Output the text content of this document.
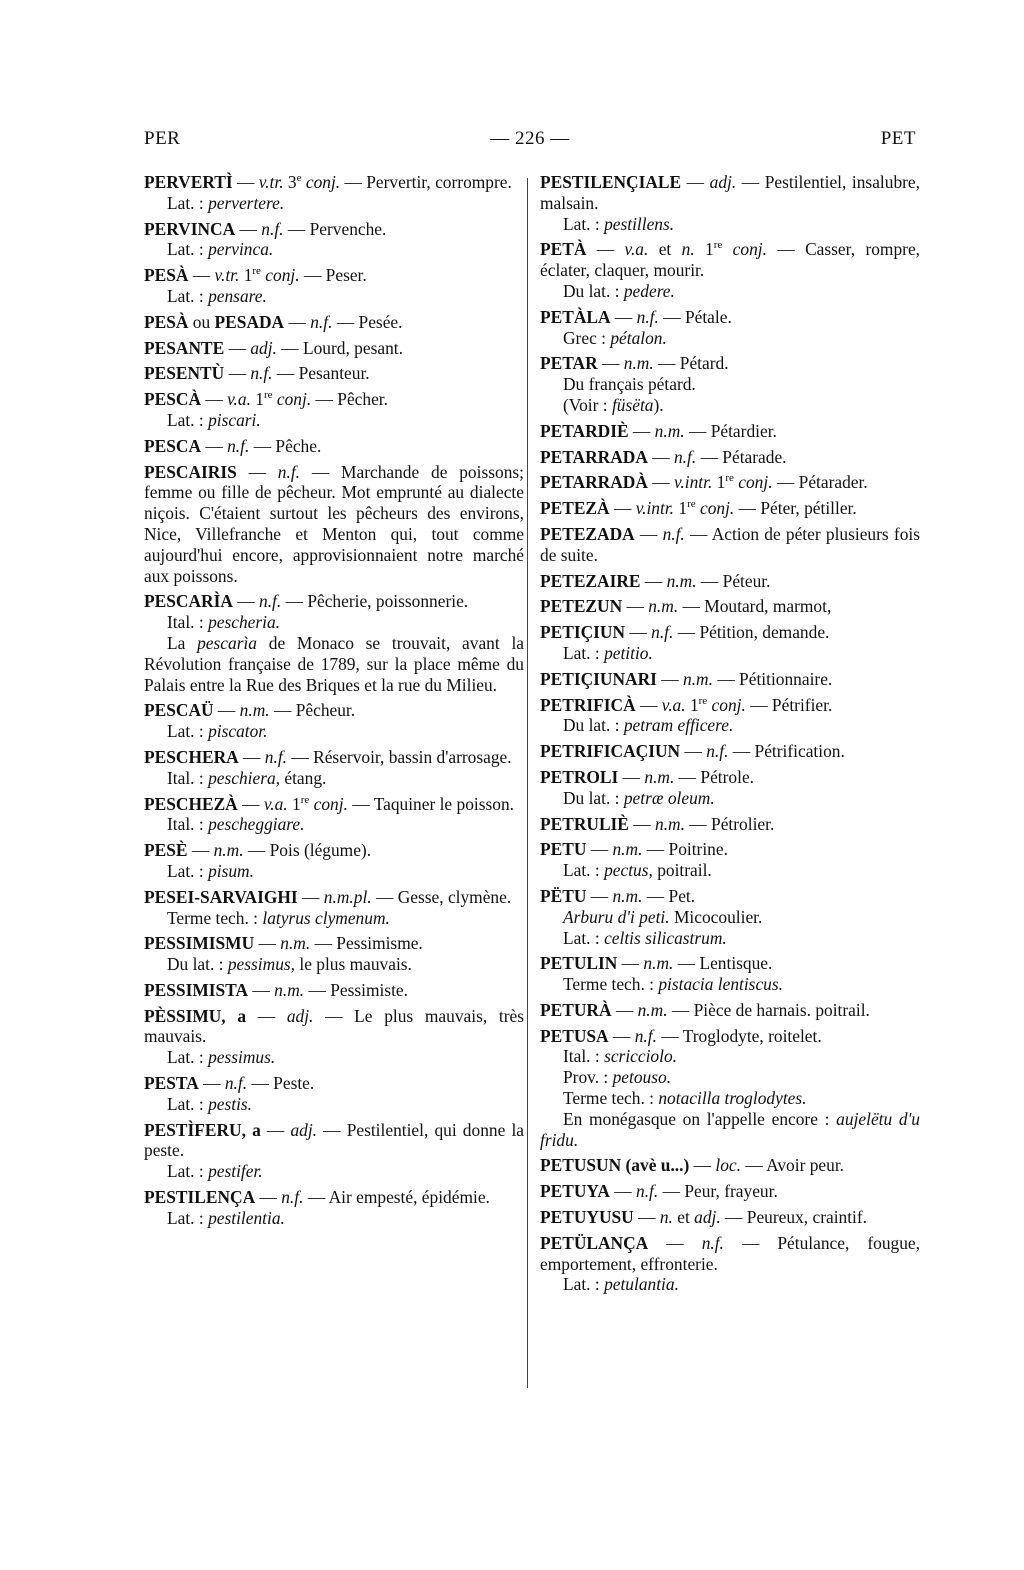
PER	— 226 —	PET
PERVERTÌ — v.tr. 3e conj. — Pervertir, corrompre.
Lat. : pervertere.
PERVINCA — n.f. — Pervenche.
Lat. : pervinca.
PESÀ — v.tr. 1re conj. — Peser.
Lat. : pensare.
PESÀ ou PESADA — n.f. — Pesée.
PESANTE — adj. — Lourd, pesant.
PESENTÙ — n.f. — Pesanteur.
PESCÀ — v.a. 1re conj. — Pêcher.
Lat. : piscari.
PESCA — n.f. — Pêche.
PESCAIRIS — n.f. — Marchande de poissons; femme ou fille de pêcheur. Mot emprunté au dialecte niçois. C'étaient surtout les pêcheurs des environs, Nice, Villefranche et Menton qui, tout comme aujourd'hui encore, approvisionnaient notre marché aux poissons.
PESCARÌA — n.f. — Pêcherie, poissonnerie.
Ital. : pescheria.
La pescarìa de Monaco se trouvait, avant la Révolution française de 1789, sur la place même du Palais entre la Rue des Briques et la rue du Milieu.
PESCAÜ — n.m. — Pêcheur.
Lat. : piscator.
PESCHERA — n.f. — Réservoir, bassin d'arrosage.
Ital. : peschiera, étang.
PESCHEZÀ — v.a. 1re conj. — Taquiner le poisson.
Ital. : pescheggiare.
PESÈ — n.m. — Pois (légume).
Lat. : pisum.
PESEI-SARVAIGHI — n.m.pl. — Gesse, clymène.
Terme tech. : latyrus clymenum.
PESSIMISMU — n.m. — Pessimisme.
Du lat. : pessimus, le plus mauvais.
PESSIMISTA — n.m. — Pessimiste.
PÈSSIMU, a — adj. — Le plus mauvais, très mauvais.
Lat. : pessimus.
PESTA — n.f. — Peste.
Lat. : pestis.
PESTÌFERU, a — adj. — Pestilentiel, qui donne la peste.
Lat. : pestifer.
PESTILENÇA — n.f. — Air empesté, épidémie.
Lat. : pestilentia.
PESTILENÇIALE — adj. — Pestilentiel, insalubre, malsain.
Lat. : pestillens.
PETÀ — v.a. et n. 1re conj. — Casser, rompre, éclater, claquer, mourir.
Du lat. : pedere.
PETÀLA — n.f. — Pétale.
Grec : pétalon.
PETAR — n.m. — Pétard.
Du français pétard.
(Voir : füsëta).
PETARDIÈ — n.m. — Pétardier.
PETARRADA — n.f. — Pétarade.
PETARRADÀ — v.intr. 1re conj. — Pétarader.
PETEZÀ — v.intr. 1re conj. — Péter, pétiller.
PETEZADA — n.f. — Action de péter plusieurs fois de suite.
PETEZAIRE — n.m. — Péteur.
PETEZUN — n.m. — Moutard, marmot,
PETIÇIUN — n.f. — Pétition, demande.
Lat. : petitio.
PETIÇIUNARI — n.m. — Pétitionnaire.
PETRIFICÀ — v.a. 1re conj. — Pétrifier.
Du lat. : petram efficere.
PETRIFICAÇIUN — n.f. — Pétrification.
PETROLI — n.m. — Pétrole.
Du lat. : petræ oleum.
PETRULIÈ — n.m. — Pétrolier.
PETU — n.m. — Poitrine.
Lat. : pectus, poitrail.
PËTU — n.m. — Pet.
Arburu d'i peti. Micocoulier.
Lat. : celtis silicastrum.
PETULIN — n.m. — Lentisque.
Terme tech. : pistacia lentiscus.
PETURÀ — n.m. — Pièce de harnais. poitrail.
PETUSA — n.f. — Troglodyte, roitelet.
Ital. : scricciolo.
Prov. : petouso.
Terme tech. : notacilla troglodytes.
En monégasque on l'appelle encore : aujelëtu d'u fridu.
PETUSUN (avè u...) — loc. — Avoir peur.
PETUYA — n.f. — Peur, frayeur.
PETUYUSU — n. et adj. — Peureux, craintif.
PETÜLANÇA — n.f. — Pétulance, fougue, emportement, effronterie.
Lat. : petulantia.
